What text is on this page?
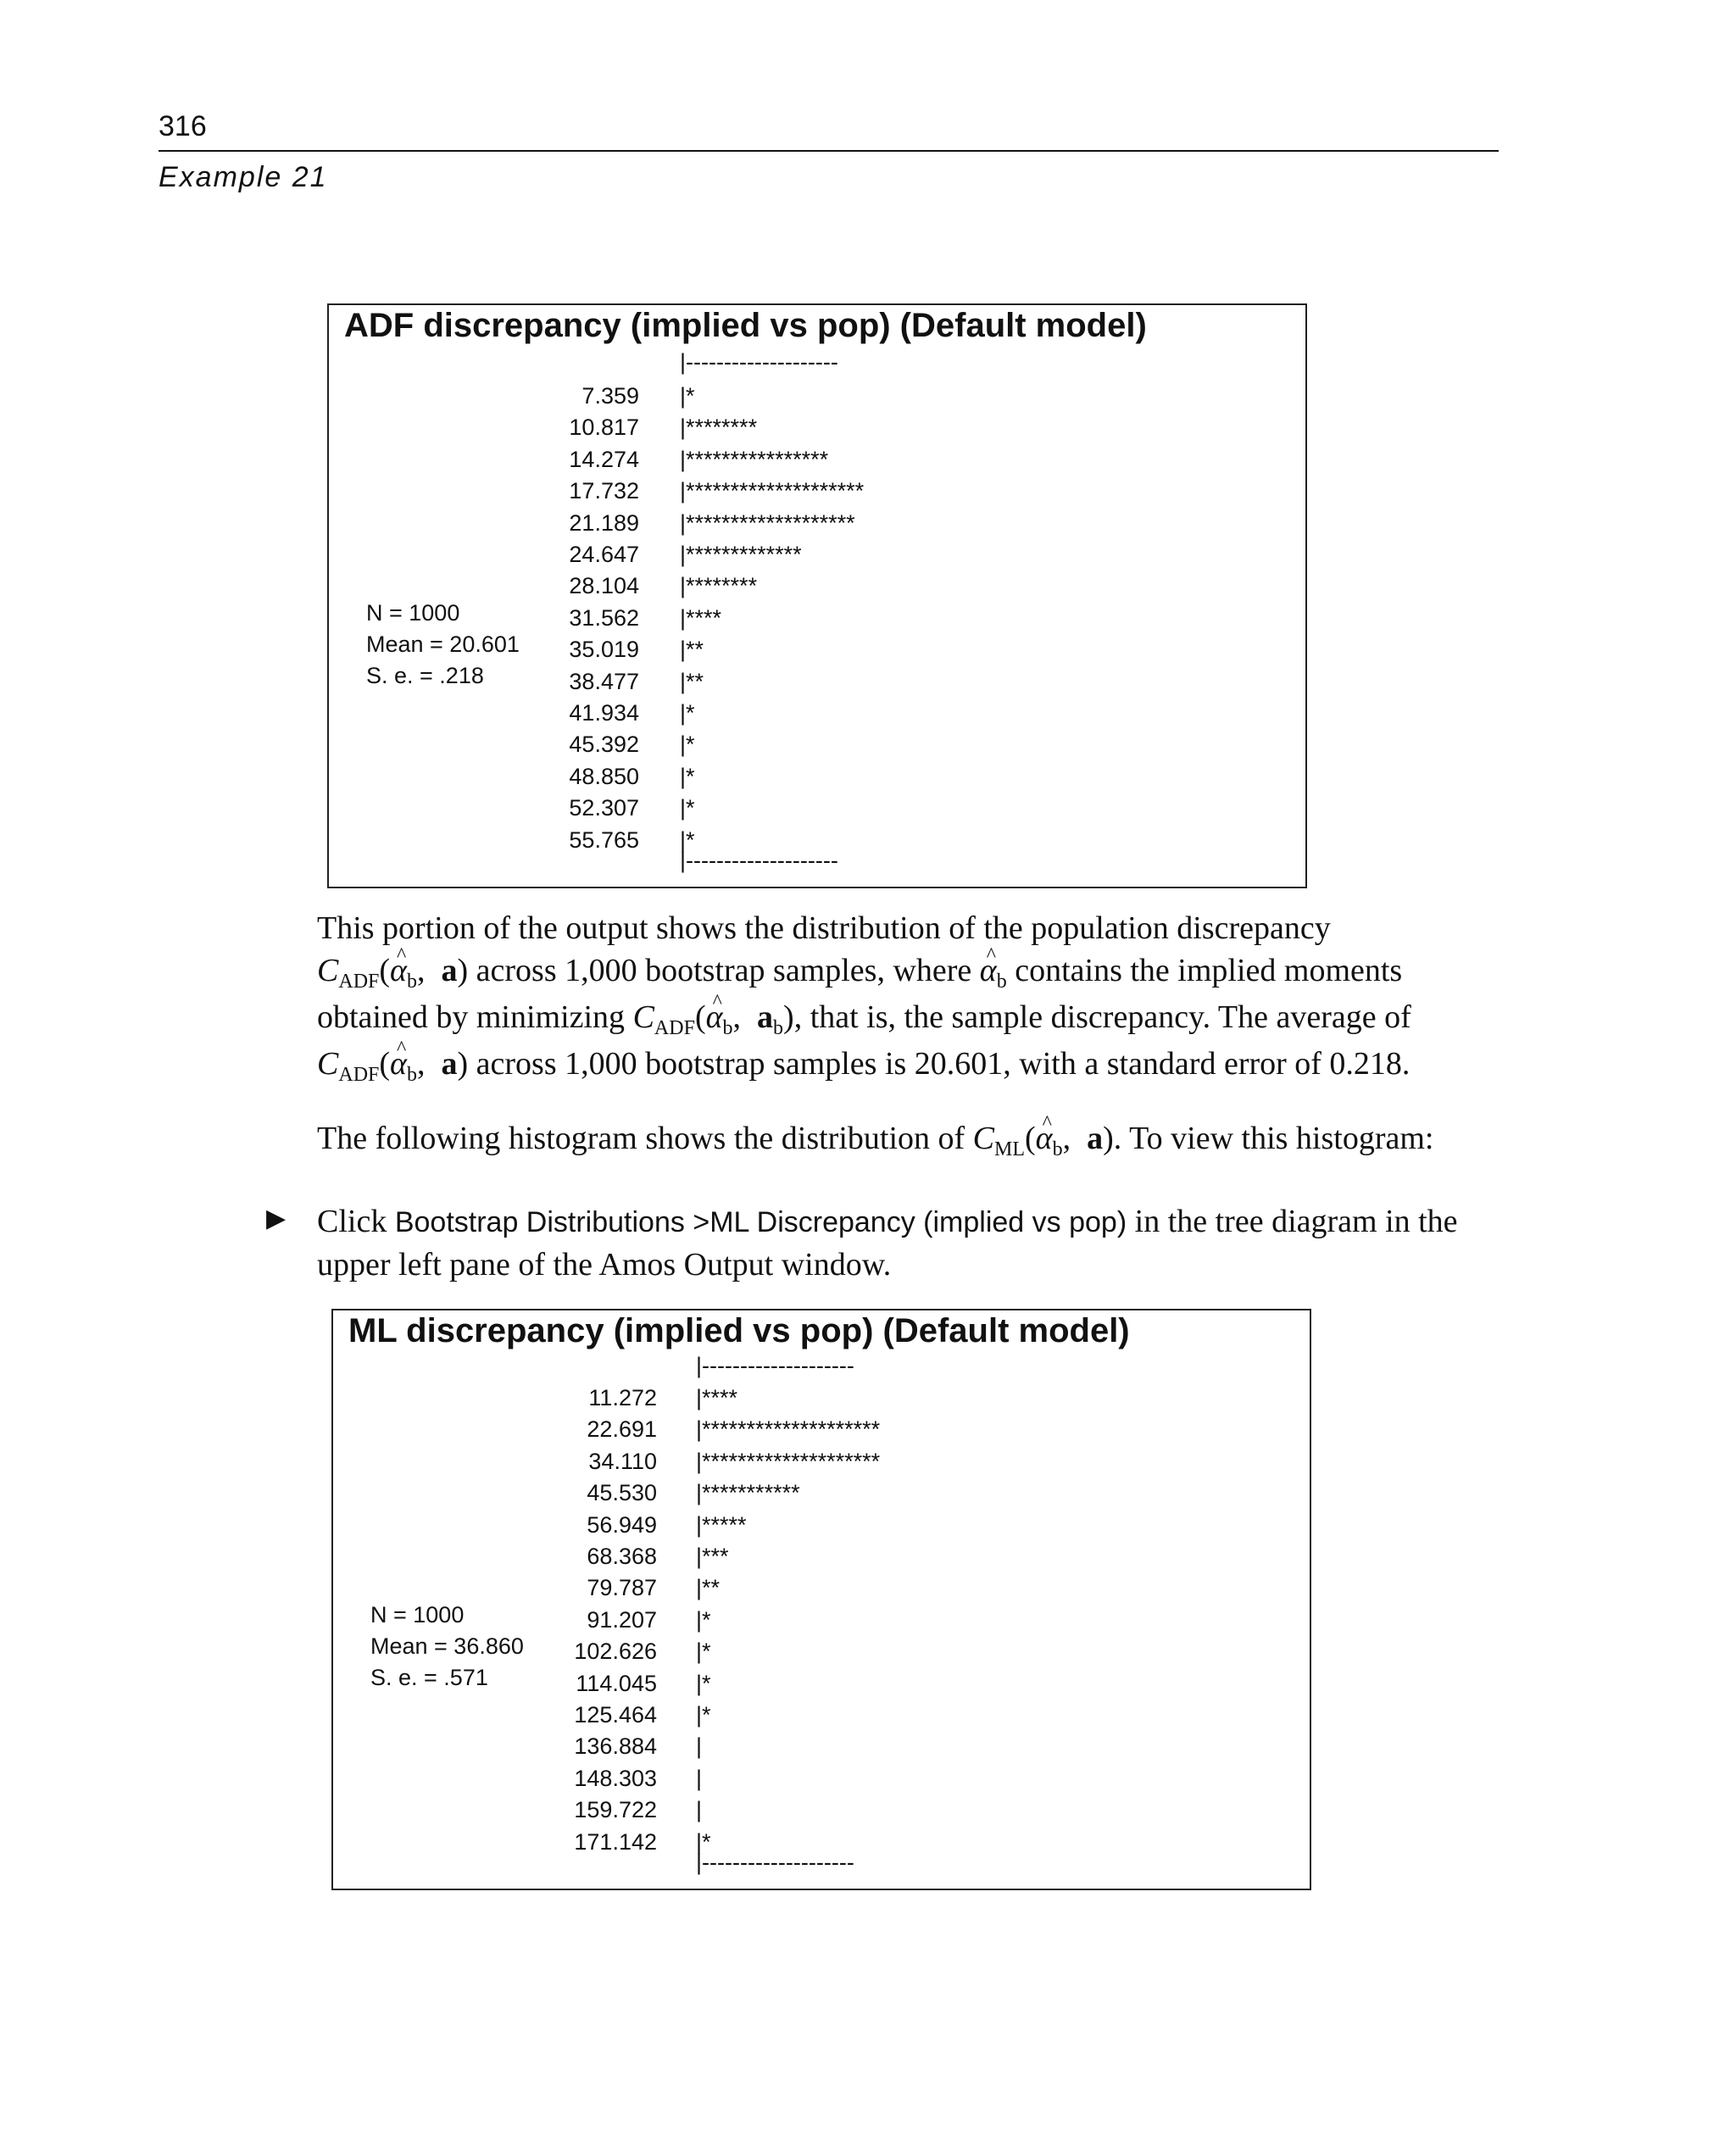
316
Example 21
ADF discrepancy (implied vs pop) (Default model)
|--------------------
7.359 |*
10.817 |********
14.274 |****************
17.732 |********************
21.189 |*******************
24.647 |*************
28.104 |********
31.562 |****
35.019 |**
38.477 |**
41.934 |*
45.392 |*
48.850 |*
52.307 |*
55.765 |*
N = 1000
Mean = 20.601
S. e. = .218
|--------------------
This portion of the output shows the distribution of the population discrepancy
$C_{ADF}(\^{}$ $\alpha_b$,  a) across 1,000 bootstrap samples, where ^ $\alpha_b$ contains the implied moments
obtained by minimizing $C_{ADF}(\^{}$ $\alpha_b$,  $a_b$), that is, the sample discrepancy. The average of
$C_{ADF}(\^{}$ $\alpha_b$,  a) across 1,000 bootstrap samples is 20.601, with a standard error of 0.218.
The following histogram shows the distribution of $C_{ML}(\^{}$ $\alpha_b$,  a). To view this histogram:
▶ Click Bootstrap Distributions >ML Discrepancy (implied vs pop) in the tree diagram in the
upper left pane of the Amos Output window.
ML discrepancy (implied vs pop) (Default model)
|--------------------
11.272 |****
22.691 |********************
34.110 |********************
45.530 |***********
56.949 |*****
68.368 |***
79.787 |**
91.207 |*
102.626 |*
114.045 |*
125.464 |*
136.884 |
148.303 |
159.722 |
171.142 |*
N = 1000
Mean = 36.860
S. e. = .571
|--------------------
